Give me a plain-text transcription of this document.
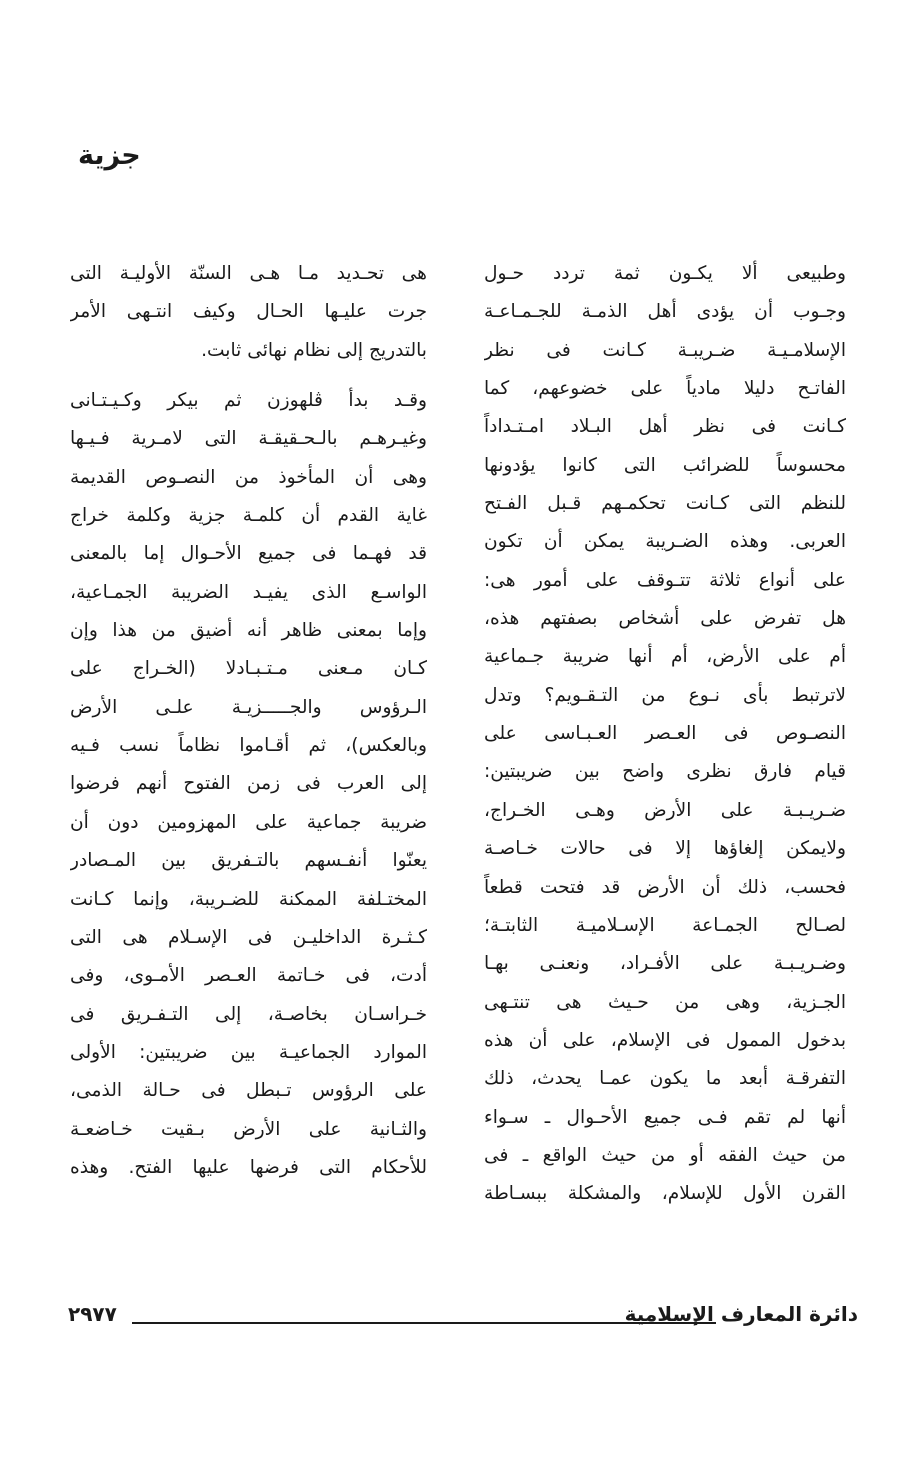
جزية
وطبيعى ألا يكـون ثمة تردد حـول
وجـوب أن يؤدى أهل الذمـة للجـمـاعـة
الإسلامـيـة ضـريبـة كـانت فى نظر
الفاتـح دليلا مادياً على خضوعهم، كما
كـانت فى نظر أهل البـلاد امـتـداداً
محسوساً للضرائب التى كانوا يؤدونها
للنظم التى كـانت تحكمـهم قـبل الفـتح
العربى. وهذه الضـريبة يمكن أن تكون
على أنواع ثلاثة تتـوقف على أمور هى:
هل تفرض على أشخاص بصفتهم هذه،
أم على الأرض، أم أنها ضريبة جـماعية
لاترتبط بأى نـوع من التـقـويم؟ وتدل
النصـوص فى العـصر العـبـاسى على
قيام فارق نظرى واضح بين ضريبتين:
ضـريـبـة على الأرض وهـى الخـراج،
ولايمكن إلغاؤها إلا فى حالات خـاصـة
فحسب، ذلك أن الأرض قد فتحت قطعاً
لصـالح الجمـاعة الإسـلاميـة الثابتـة؛
وضـريـبـة على الأفـراد، ونعنـى بهـا
الجـزية، وهى من حـيث هى تنتـهى
بدخول الممول فى الإسلام، على أن هذه
التفرقـة أبعد ما يكون عمـا يحدث، ذلك
أنها لم تقم فـى جميع الأحـوال ـ سـواء
من حيث الفقه أو من حيث الواقع ـ فى
القرن الأول للإسلام، والمشكلة ببسـاطة
هى تحـديد مـا هـى السنّة الأوليـة التى
جرت عليـها الحـال وكيف انتـهى الأمر
بالتدريج إلى نظام نهائى ثابت.
وقـد بدأ ڤلهوزن ثم بيكر وكـيـتـانى
وغيـرهـم بالـحـقيقـة التى لامـرية فـيـها
وهى أن المأخوذ من النصـوص القديمة
غاية القدم أن كلمـة جزية وكلمة خراج
قد فهـما فى جميع الأحـوال إما بالمعنى
الواسـع الذى يفيـد الضريبة الجمـاعية،
وإما بمعنى ظاهر أنه أضيق من هذا وإن
كـان مـعنى مـتـبـادلا (الخـراج على
الـرؤوس والجـــــزيـة علـى الأرض
وبالعكس)، ثم أقـاموا نظاماً نسب فـيه
إلى العرب فى زمن الفتوح أنهم فرضوا
ضريبة جماعية على المهزومين دون أن
يعنّوا أنفـسهم بالتـفريق بين المـصادر
المختـلفة الممكنة للضـريبة، وإنما كـانت
كـثـرة الداخليـن فى الإسـلام هى التى
أدت، فى خـاتمة العـصر الأمـوى، وفى
خـراسـان بخاصـة، إلى التـفـريق فى
الموارد الجماعيـة بين ضريبتين: الأولى
على الرؤوس تـبطل فى حـالة الذمى،
والثـانية على الأرض بـقيت خـاضعـة
للأحكام التى فرضها عليها الفتح. وهذه
٢٩٧٧	دائرة المعارف الإسلامية
